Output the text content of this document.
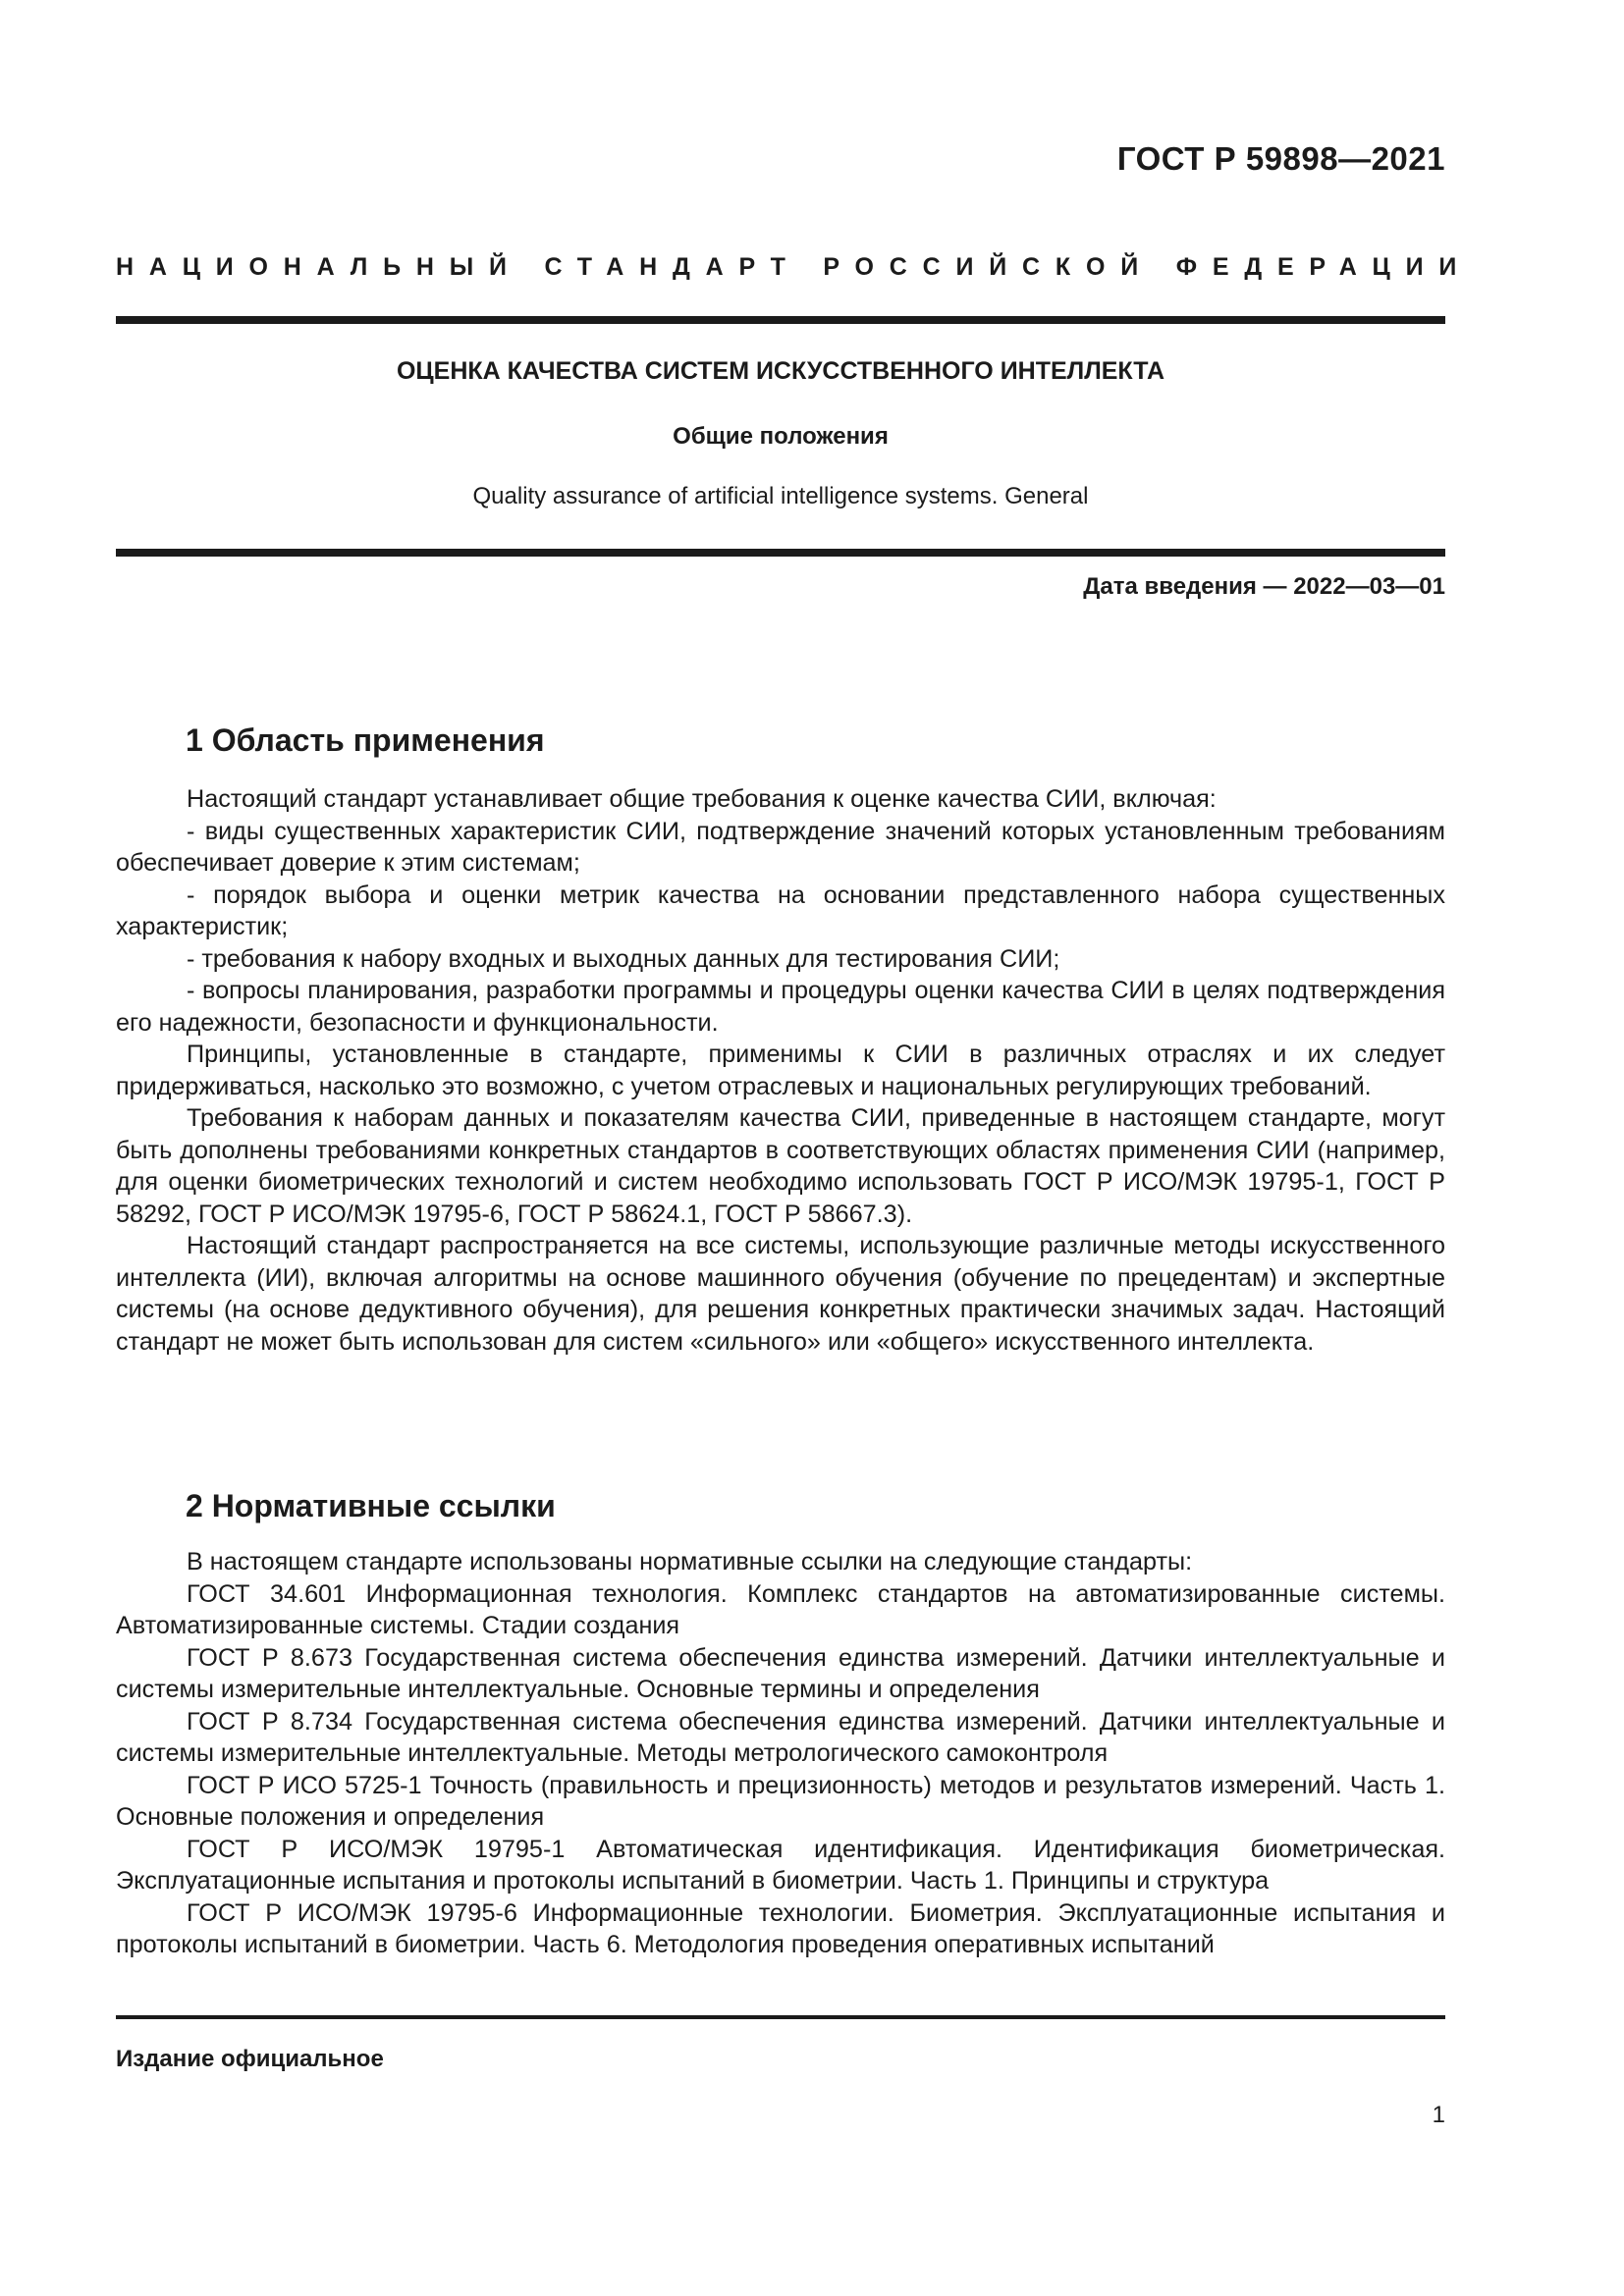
ГОСТ Р 59898—2021
НАЦИОНАЛЬНЫЙ СТАНДАРТ РОССИЙСКОЙ ФЕДЕРАЦИИ
ОЦЕНКА КАЧЕСТВА СИСТЕМ ИСКУССТВЕННОГО ИНТЕЛЛЕКТА
Общие положения
Quality assurance of artificial intelligence systems. General
Дата введения — 2022—03—01
1 Область применения

Настоящий стандарт устанавливает общие требования к оценке качества СИИ, включая:

- виды существенных характеристик СИИ, подтверждение значений которых установленным требованиям обеспечивает доверие к этим системам;

- порядок выбора и оценки метрик качества на основании представленного набора существенных характеристик;

- требования к набору входных и выходных данных для тестирования СИИ;

- вопросы планирования, разработки программы и процедуры оценки качества СИИ в целях подтверждения его надежности, безопасности и функциональности.

Принципы, установленные в стандарте, применимы к СИИ в различных отраслях и их следует придерживаться, насколько это возможно, с учетом отраслевых и национальных регулирующих требований.

Требования к наборам данных и показателям качества СИИ, приведенные в настоящем стандарте, могут быть дополнены требованиями конкретных стандартов в соответствующих областях применения СИИ (например, для оценки биометрических технологий и систем необходимо использовать ГОСТ Р ИСО/МЭК 19795-1, ГОСТ Р 58292, ГОСТ Р ИСО/МЭК 19795-6, ГОСТ Р 58624.1, ГОСТ Р 58667.3).

Настоящий стандарт распространяется на все системы, использующие различные методы искусственного интеллекта (ИИ), включая алгоритмы на основе машинного обучения (обучение по прецедентам) и экспертные системы (на основе дедуктивного обучения), для решения конкретных практически значимых задач. Настоящий стандарт не может быть использован для систем «сильного» или «общего» искусственного интеллекта.

2 Нормативные ссылки

В настоящем стандарте использованы нормативные ссылки на следующие стандарты:

ГОСТ 34.601 Информационная технология. Комплекс стандартов на автоматизированные системы. Автоматизированные системы. Стадии создания

ГОСТ Р 8.673 Государственная система обеспечения единства измерений. Датчики интеллектуальные и системы измерительные интеллектуальные. Основные термины и определения

ГОСТ Р 8.734 Государственная система обеспечения единства измерений. Датчики интеллектуальные и системы измерительные интеллектуальные. Методы метрологического самоконтроля

ГОСТ Р ИСО 5725-1 Точность (правильность и прецизионность) методов и результатов измерений. Часть 1. Основные положения и определения

ГОСТ Р ИСО/МЭК 19795-1 Автоматическая идентификация. Идентификация биометрическая. Эксплуатационные испытания и протоколы испытаний в биометрии. Часть 1. Принципы и структура

ГОСТ Р ИСО/МЭК 19795-6 Информационные технологии. Биометрия. Эксплуатационные испытания и протоколы испытаний в биометрии. Часть 6. Методология проведения оперативных испытаний

Издание официальное
1
